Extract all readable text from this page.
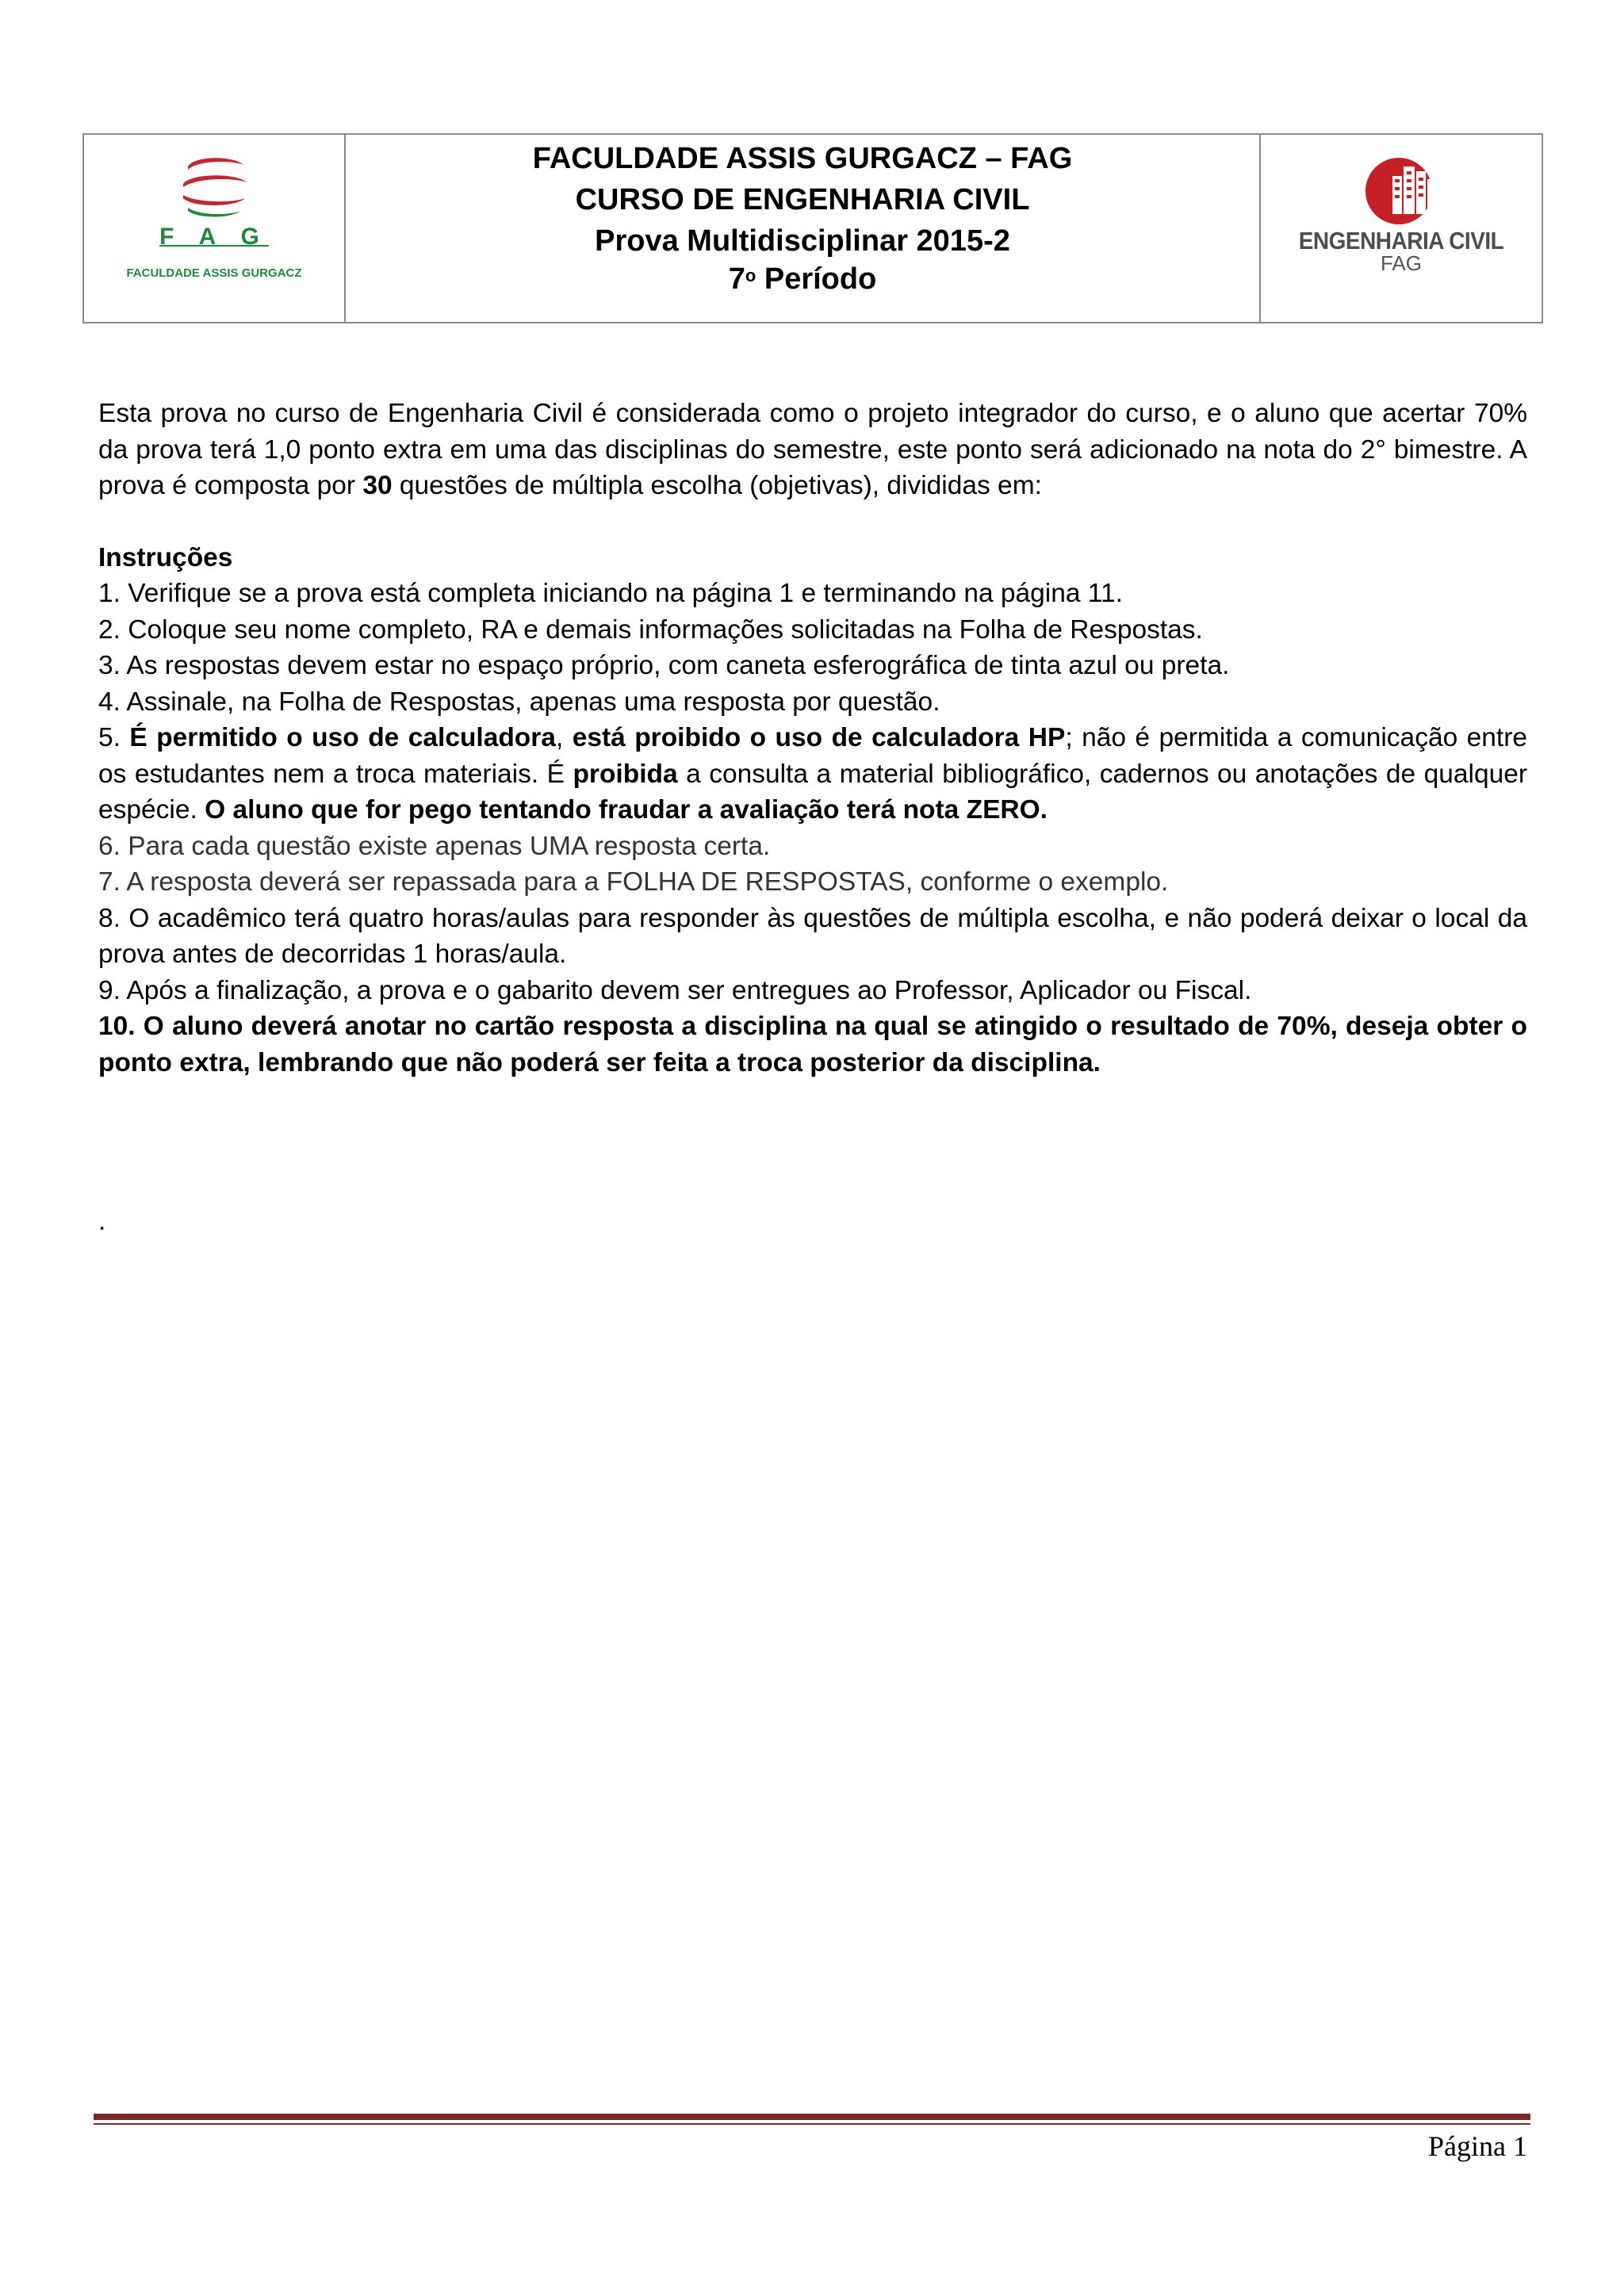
F A G
FACULDADE ASSIS GURGACZ

FACULDADE ASSIS GURGACZ – FAG

CURSO DE ENGENHARIA CIVIL

Prova Multidisciplinar 2015-2

7$^o$ Período

ENGENHARIA CIVIL
FAG

Esta prova no curso de Engenharia Civil é considerada como o projeto integrador do curso, e o aluno que acertar 70% da prova terá 1,0 ponto extra em uma das disciplinas do semestre, este ponto será adicionado na nota do 2° bimestre. A prova é composta por 30 questões de múltipla escolha (objetivas), divididas em:

Instruções

1. Verifique se a prova está completa iniciando na página 1 e terminando na página 11.

2. Coloque seu nome completo, RA e demais informações solicitadas na Folha de Respostas.

3. As respostas devem estar no espaço próprio, com caneta esferográfica de tinta azul ou preta.

4. Assinale, na Folha de Respostas, apenas uma resposta por questão.

5. É permitido o uso de calculadora, está proibido o uso de calculadora HP; não é permitida a comunicação entre os estudantes nem a troca materiais. É proibida a consulta a material bibliográfico, cadernos ou anotações de qualquer espécie. O aluno que for pego tentando fraudar a avaliação terá nota ZERO.

6. Para cada questão existe apenas UMA resposta certa.

7. A resposta deverá ser repassada para a FOLHA DE RESPOSTAS, conforme o exemplo.

8. O acadêmico terá quatro horas/aulas para responder às questões de múltipla escolha, e não poderá deixar o local da prova antes de decorridas 1 horas/aula.

9. Após a finalização, a prova e o gabarito devem ser entregues ao Professor, Aplicador ou Fiscal.

10. O aluno deverá anotar no cartão resposta a disciplina na qual se atingido o resultado de 70%, deseja obter o ponto extra, lembrando que não poderá ser feita a troca posterior da disciplina.

.

Página 1
